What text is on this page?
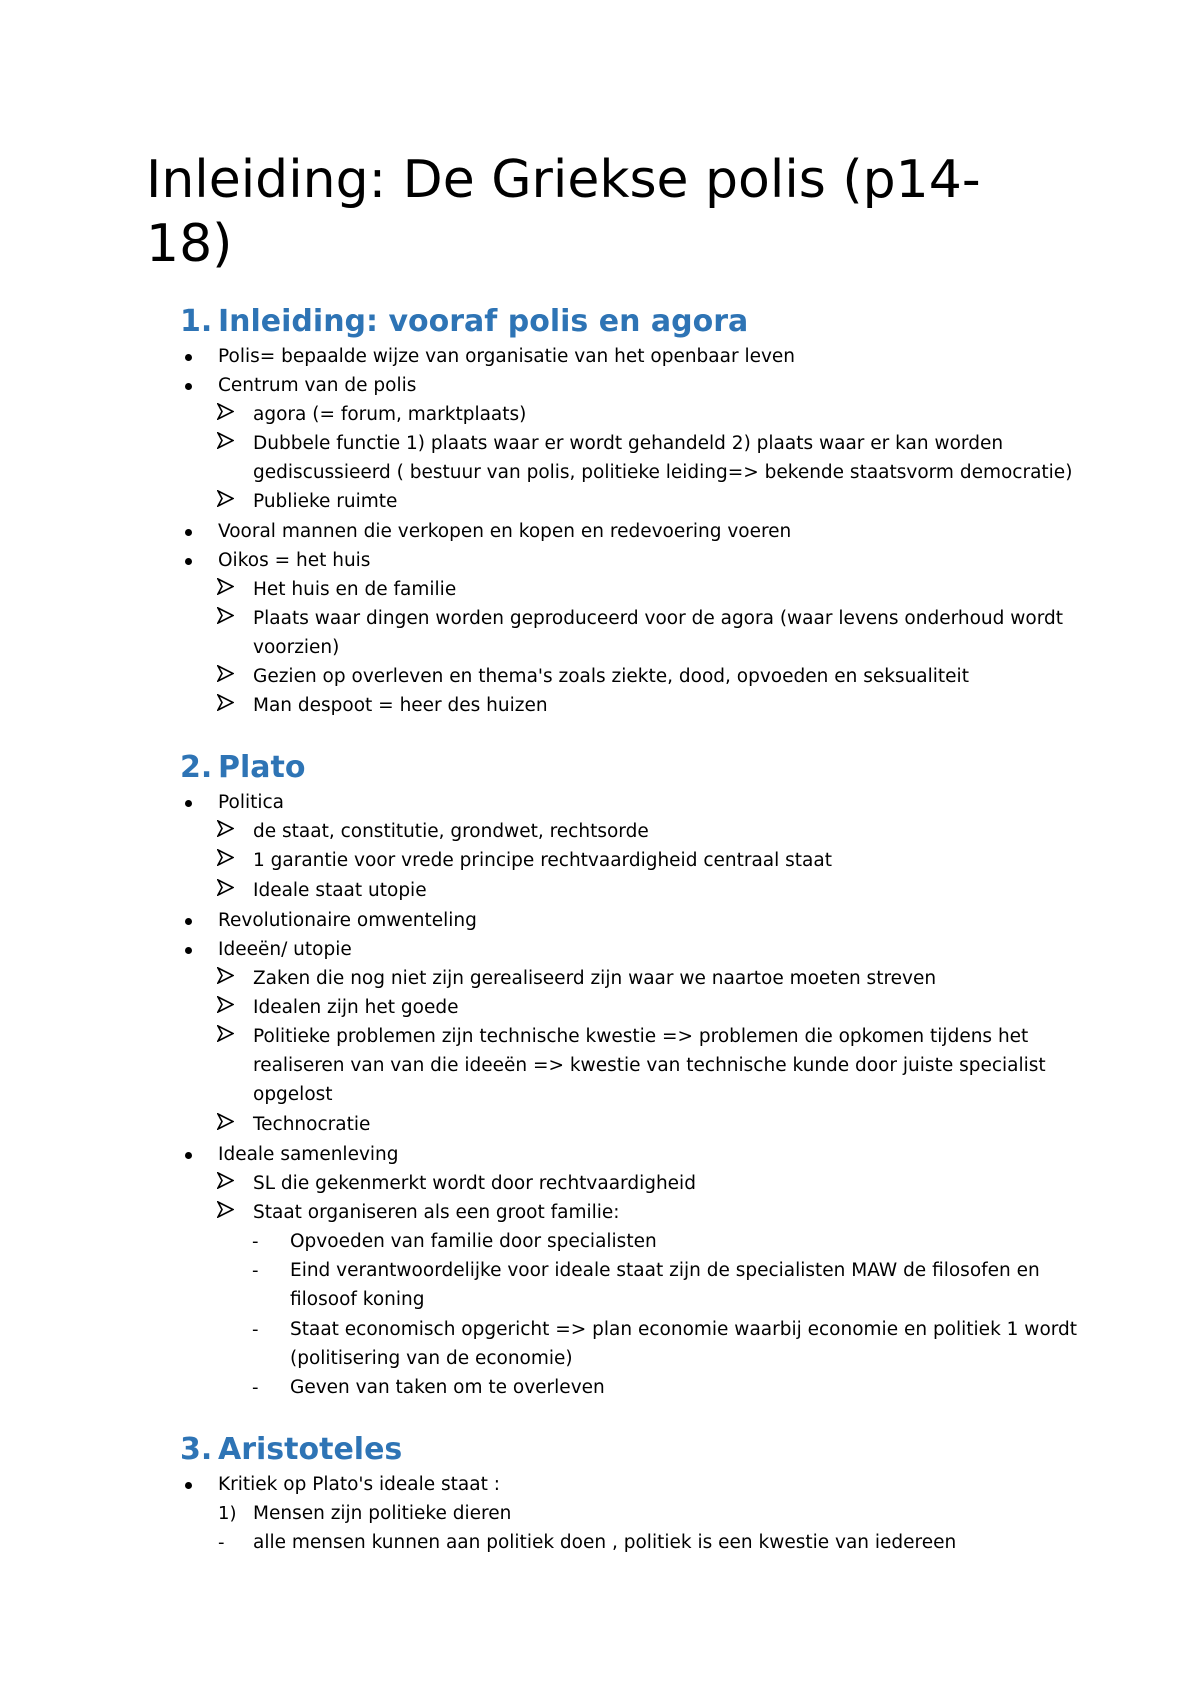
Inleiding: De Griekse polis (p14-
18)
1. Inleiding: vooraf polis en agora
Polis= bepaalde wijze van organisatie van het openbaar leven
Centrum van de polis
agora (= forum, marktplaats)
Dubbele functie 1) plaats waar er wordt gehandeld 2) plaats waar er kan worden
gediscussieerd ( bestuur van polis, politieke leiding=> bekende staatsvorm democratie)
Publieke ruimte
Vooral mannen die verkopen en kopen en redevoering voeren
Oikos = het huis
Het huis en de familie
Plaats waar dingen worden geproduceerd voor de agora (waar levens onderhoud wordt
voorzien)
Gezien op overleven en thema's zoals ziekte, dood, opvoeden en seksualiteit
Man despoot = heer des huizen
2. Plato
Politica
de staat, constitutie, grondwet, rechtsorde
1 garantie voor vrede principe rechtvaardigheid centraal staat
Ideale staat utopie
Revolutionaire omwenteling
Ideeën/ utopie
Zaken die nog niet zijn gerealiseerd zijn waar we naartoe moeten streven
Idealen zijn het goede
Politieke problemen zijn technische kwestie => problemen die opkomen tijdens het
realiseren van van die ideeën => kwestie van technische kunde door juiste specialist
opgelost
Technocratie
Ideale samenleving
SL die gekenmerkt wordt door rechtvaardigheid
Staat organiseren als een groot familie:
- Opvoeden van familie door specialisten
- Eind verantwoordelijke voor ideale staat zijn de specialisten MAW de filosofen en
filosoof koning
- Staat economisch opgericht => plan economie waarbij economie en politiek 1 wordt
(politisering van de economie)
- Geven van taken om te overleven
3. Aristoteles
Kritiek op Plato's ideale staat :
1) Mensen zijn politieke dieren
- alle mensen kunnen aan politiek doen , politiek is een kwestie van iedereen
